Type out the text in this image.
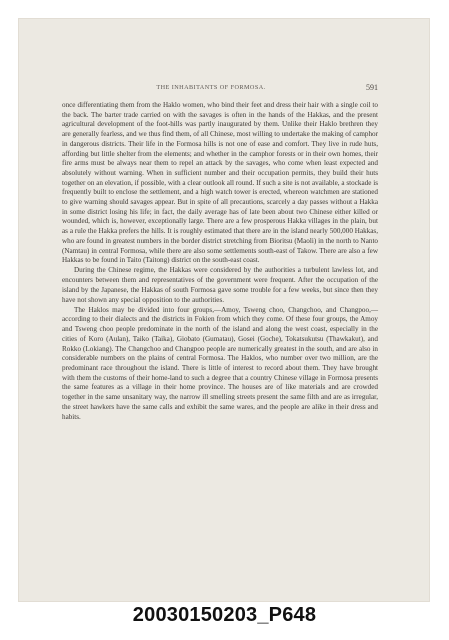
THE INHABITANTS OF FORMOSA.	591

once differentiating them from the Haklo women, who bind their feet and dress their hair with a single coil to the back. The barter trade carried on with the savages is often in the hands of the Hakkas, and the present agricultural development of the foot-hills was partly inaugurated by them. Unlike their Haklo brethren they are generally fearless, and we thus find them, of all Chinese, most willing to undertake the making of camphor in dangerous districts. Their life in the Formosa hills is not one of ease and comfort. They live in rude huts, affording but little shelter from the elements; and whether in the camphor forests or in their own homes, their fire arms must be always near them to repel an attack by the savages, who come when least expected and absolutely without warning. When in sufficient number and their occupation permits, they build their huts together on an elevation, if possible, with a clear outlook all round. If such a site is not available, a stockade is frequently built to enclose the settlement, and a high watch tower is erected, whereon watchmen are stationed to give warning should savages appear. But in spite of all precautions, scarcely a day passes without a Hakka in some district losing his life; in fact, the daily average has of late been about two Chinese either killed or wounded, which is, however, exceptionally large. There are a few prosperous Hakka villages in the plain, but as a rule the Hakka prefers the hills. It is roughly estimated that there are in the island nearly 500,000 Hakkas, who are found in greatest numbers in the border district stretching from Bioritsu (Maoli) in the north to Nanto (Namtau) in central Formosa, while there are also some settlements south-east of Takow. There are also a few Hakkas to be found in Taito (Taitong) district on the south-east coast.

During the Chinese regime, the Hakkas were considered by the authorities a turbulent lawless lot, and encounters between them and representatives of the government were frequent. After the occupation of the island by the Japanese, the Hakkas of south Formosa gave some trouble for a few weeks, but since then they have not shown any special opposition to the authorities.

The Haklos may be divided into four groups,—Amoy, Tsweng choo, Changchoo, and Changpoo,—according to their dialects and the districts in Fokien from which they come. Of these four groups, the Amoy and Tsweng choo people predominate in the north of the island and along the west coast, especially in the cities of Koro (Aulan), Taiko (Taika), Giobato (Gumatau), Gosei (Goche), Tokatsukutsu (Thawkakut), and Rokko (Lokiang). The Changchoo and Changpoo people are numerically greatest in the south, and are also in considerable numbers on the plains of central Formosa. The Haklos, who number over two million, are the predominant race throughout the island. There is little of interest to record about them. They have brought with them the customs of their home-land to such a degree that a country Chinese village in Formosa presents the same features as a village in their home province. The houses are of like materials and are crowded together in the same unsanitary way, the narrow ill smelling streets present the same filth and are as irregular, the street hawkers have the same calls and exhibit the same wares, and the people are alike in their dress and habits.

20030150203_P648
